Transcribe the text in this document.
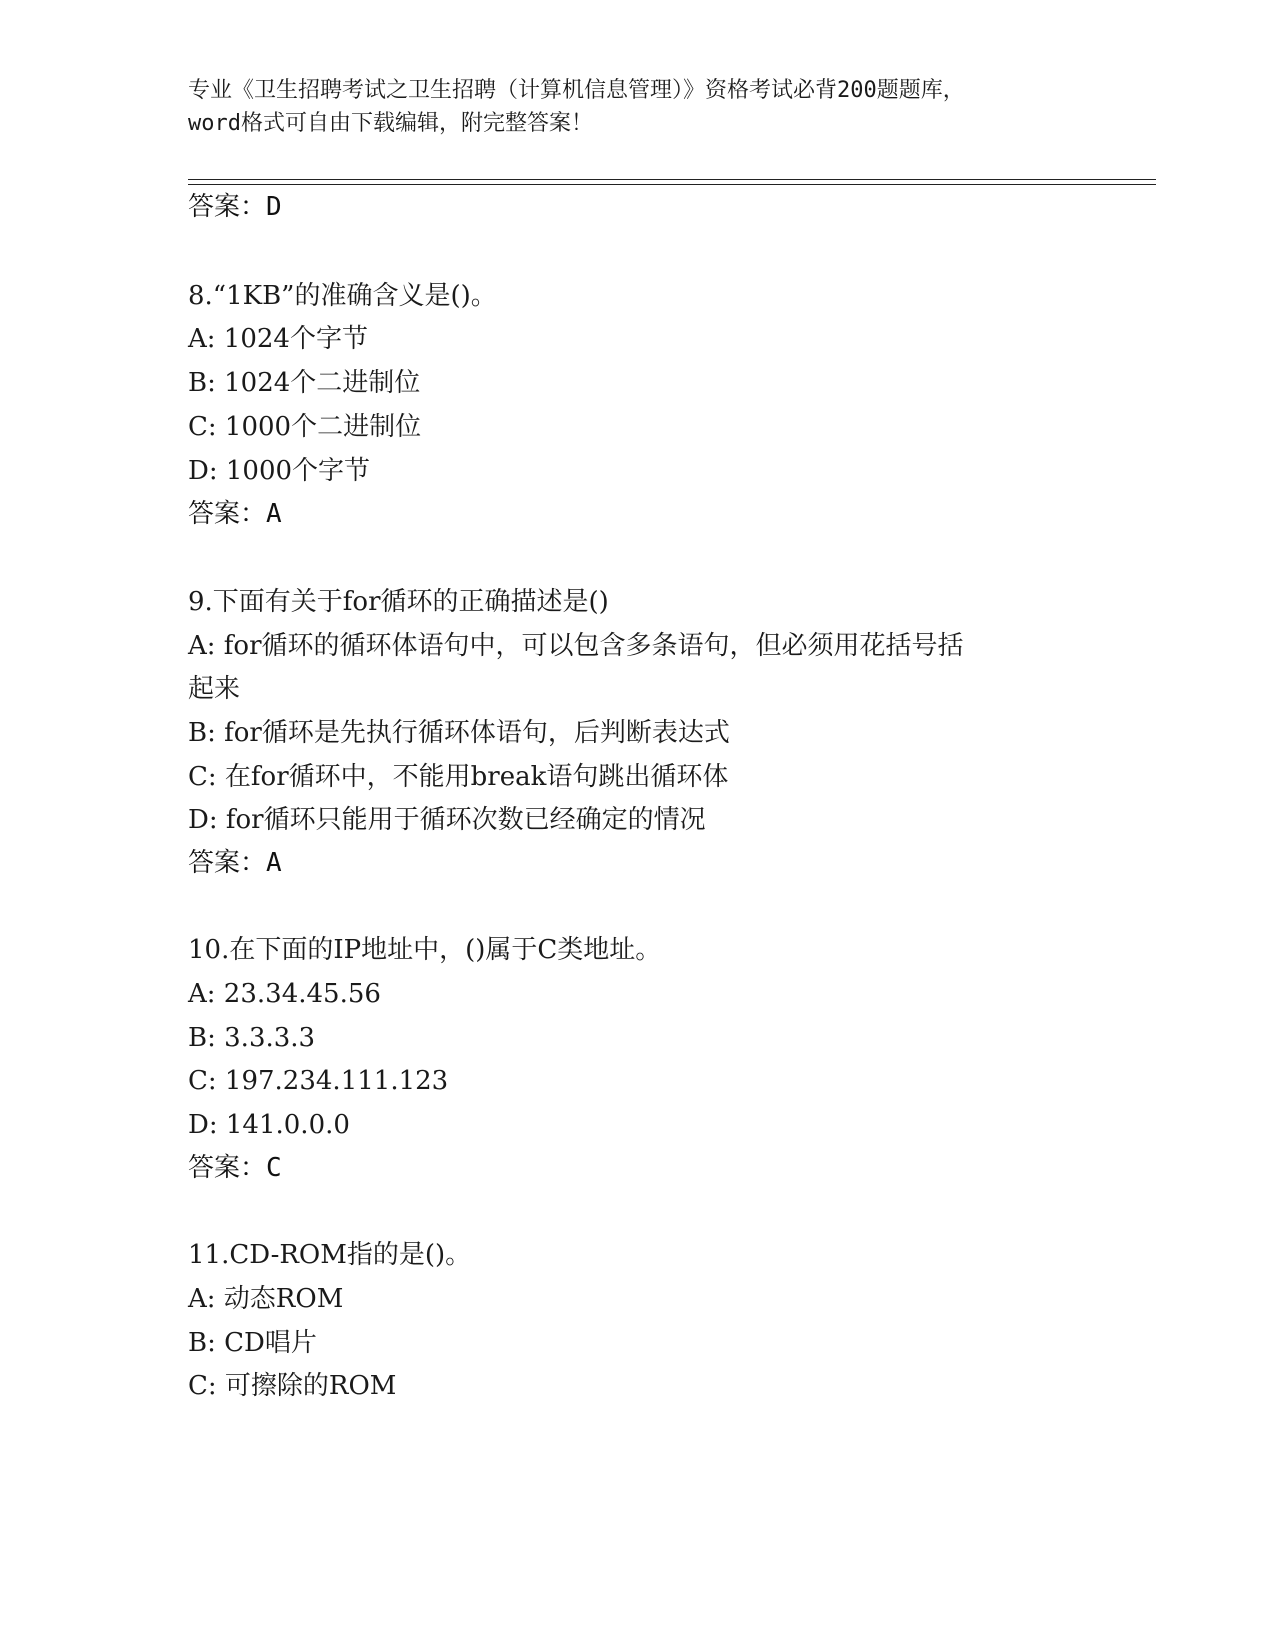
专业《卫生招聘考试之卫生招聘（计算机信息管理）》资格考试必背200题题库，
word格式可自由下载编辑，附完整答案！
答案：D
8.“1KB”的准确含义是()。
A: 1024个字节
B: 1024个二进制位
C: 1000个二进制位
D: 1000个字节
答案：A
9.下面有关于for循环的正确描述是()
A: for循环的循环体语句中，可以包含多条语句，但必须用花括号括
起来
B: for循环是先执行循环体语句，后判断表达式
C: 在for循环中，不能用break语句跳出循环体
D: for循环只能用于循环次数已经确定的情况
答案：A
10.在下面的IP地址中，()属于C类地址。
A: 23.34.45.56
B: 3.3.3.3
C: 197.234.111.123
D: 141.0.0.0
答案：C
11.CD-ROM指的是()。
A: 动态ROM
B: CD唱片
C: 可擦除的ROM
